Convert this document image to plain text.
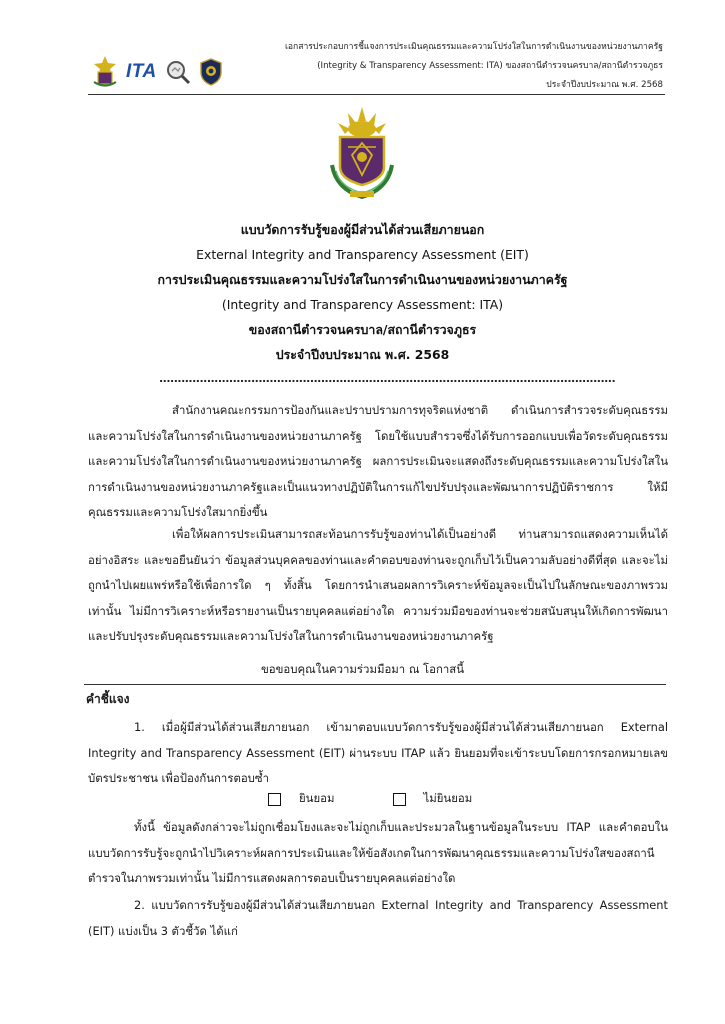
ITA
เอกสารประกอบการชี้แจงการประเมินคุณธรรมและความโปร่งใสในการดำเนินงานของหน่วยงานภาครัฐ
(Integrity & Transparency Assessment: ITA) ของสถานีตำรวจนครบาล/สถานีตำรวจภูธร
ประจำปีงบประมาณ พ.ศ. 2568
แบบวัดการรับรู้ของผู้มีส่วนได้ส่วนเสียภายนอก
External Integrity and Transparency Assessment (EIT)
การประเมินคุณธรรมและความโปร่งใสในการดำเนินงานของหน่วยงานภาครัฐ
(Integrity and Transparency Assessment: ITA)
ของสถานีตำรวจนครบาล/สถานีตำรวจภูธร
ประจำปีงบประมาณ พ.ศ. 2568
............................................................................................................................
สำนักงานคณะกรรมการป้องกันและปราบปรามการทุจริตแห่งชาติ ดำเนินการสำรวจระดับคุณธรรมและความโปร่งใสในการดำเนินงานของหน่วยงานภาครัฐ โดยใช้แบบสำรวจซึ่งได้รับการออกแบบเพื่อวัดระดับคุณธรรมและความโปร่งใสในการดำเนินงานของหน่วยงานภาครัฐ ผลการประเมินจะแสดงถึงระดับคุณธรรมและความโปร่งใสในการดำเนินงานของหน่วยงานภาครัฐและเป็นแนวทางปฏิบัติในการแก้ไขปรับปรุงและพัฒนาการปฏิบัติราชการ ให้มีคุณธรรมและความโปร่งใสมากยิ่งขึ้น
เพื่อให้ผลการประเมินสามารถสะท้อนการรับรู้ของท่านได้เป็นอย่างดี ท่านสามารถแสดงความเห็นได้อย่างอิสระ และขอยืนยันว่า ข้อมูลส่วนบุคคลของท่านและคำตอบของท่านจะถูกเก็บไว้เป็นความลับอย่างดีที่สุด และจะไม่ถูกนำไปเผยแพร่หรือใช้เพื่อการใด ๆ ทั้งสิ้น โดยการนำเสนอผลการวิเคราะห์ข้อมูลจะเป็นไปในลักษณะของภาพรวมเท่านั้น ไม่มีการวิเคราะห์หรือรายงานเป็นรายบุคคลแต่อย่างใด ความร่วมมือของท่านจะช่วยสนับสนุนให้เกิดการพัฒนาและปรับปรุงระดับคุณธรรมและความโปร่งใสในการดำเนินงานของหน่วยงานภาครัฐ
ขอขอบคุณในความร่วมมือมา ณ โอกาสนี้
คำชี้แจง
1. เมื่อผู้มีส่วนได้ส่วนเสียภายนอก เข้ามาตอบแบบวัดการรับรู้ของผู้มีส่วนได้ส่วนเสียภายนอก External Integrity and Transparency Assessment (EIT) ผ่านระบบ ITAP แล้ว ยินยอมที่จะเข้าระบบโดยการกรอกหมายเลขบัตรประชาชน เพื่อป้องกันการตอบซ้ำ
ยินยอม	ไม่ยินยอม
ทั้งนี้ ข้อมูลดังกล่าวจะไม่ถูกเชื่อมโยงและจะไม่ถูกเก็บและประมวลในฐานข้อมูลในระบบ ITAP และคำตอบในแบบวัดการรับรู้จะถูกนำไปวิเคราะห์ผลการประเมินและให้ข้อสังเกตในการพัฒนาคุณธรรมและความโปร่งใสของสถานีตำรวจในภาพรวมเท่านั้น ไม่มีการแสดงผลการตอบเป็นรายบุคคลแต่อย่างใด
2. แบบวัดการรับรู้ของผู้มีส่วนได้ส่วนเสียภายนอก External Integrity and Transparency Assessment (EIT) แบ่งเป็น 3 ตัวชี้วัด ได้แก่
